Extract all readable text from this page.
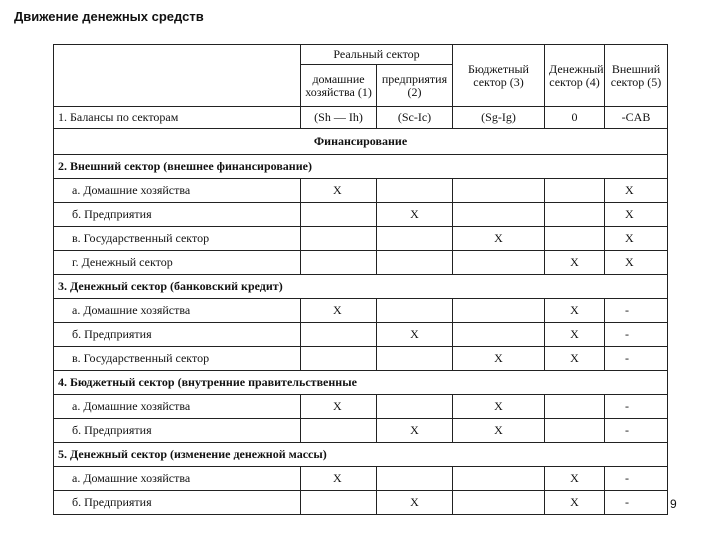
Движение денежных средств
	Реальный сектор		Бюджетный сектор (3)	Денежный сектор (4)	Внешний сектор (5)
	домашние хозяйства (1)	предприятия (2)			
1. Балансы по секторам	(Sh — Ih)	(Sc-Ic)	(Sg-Ig)	0	-CAB
Финансирование					
2. Внешний сектор (внешнее финансирование)					
а. Домашние хозяйства	X				X
б. Предприятия		X			X
в. Государственный сектор			X		X
г. Денежный сектор				X	X
3. Денежный сектор (банковский кредит)					
а. Домашние хозяйства	X			X	-
б. Предприятия		X		X	-
в. Государственный сектор			X	X	-
4. Бюджетный сектор (внутренние правительственные					
а. Домашние хозяйства	X		X		-
б. Предприятия		X	X		-
5. Денежный сектор (изменение денежной массы)					
а. Домашние хозяйства	X			X	-
б. Предприятия		X		X	-	9
